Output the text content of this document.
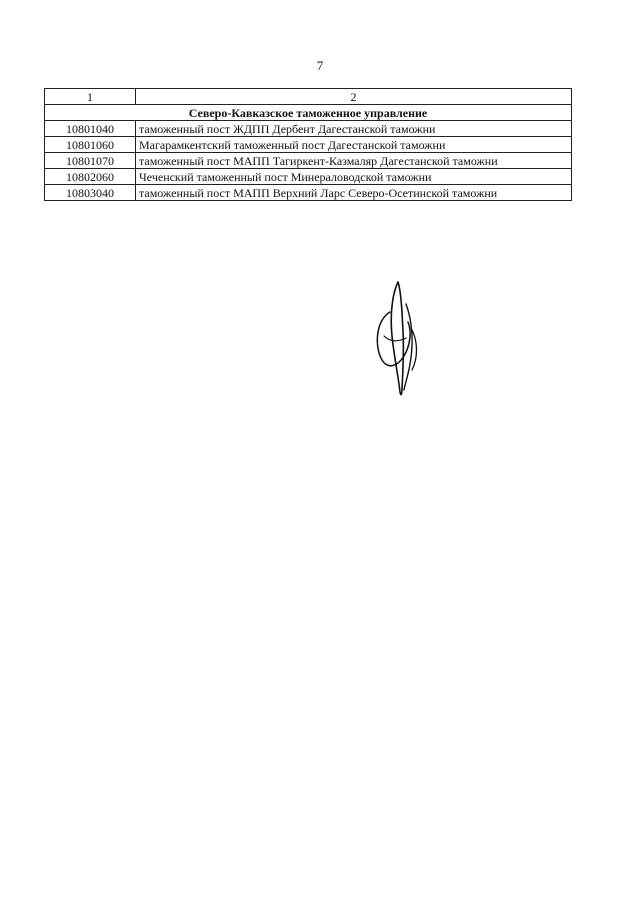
7
1	2
Северо-Кавказское таможенное управление	
10801040	таможенный пост ЖДПП Дербент Дагестанской таможни
10801060	Магарамкентский таможенный пост Дагестанской таможни
10801070	таможенный пост МАПП Тагиркент-Казмаляр Дагестанской таможни
10802060	Чеченский таможенный пост Минераловодской таможни
10803040	таможенный пост МАПП Верхний Ларс Северо-Осетинской таможни
